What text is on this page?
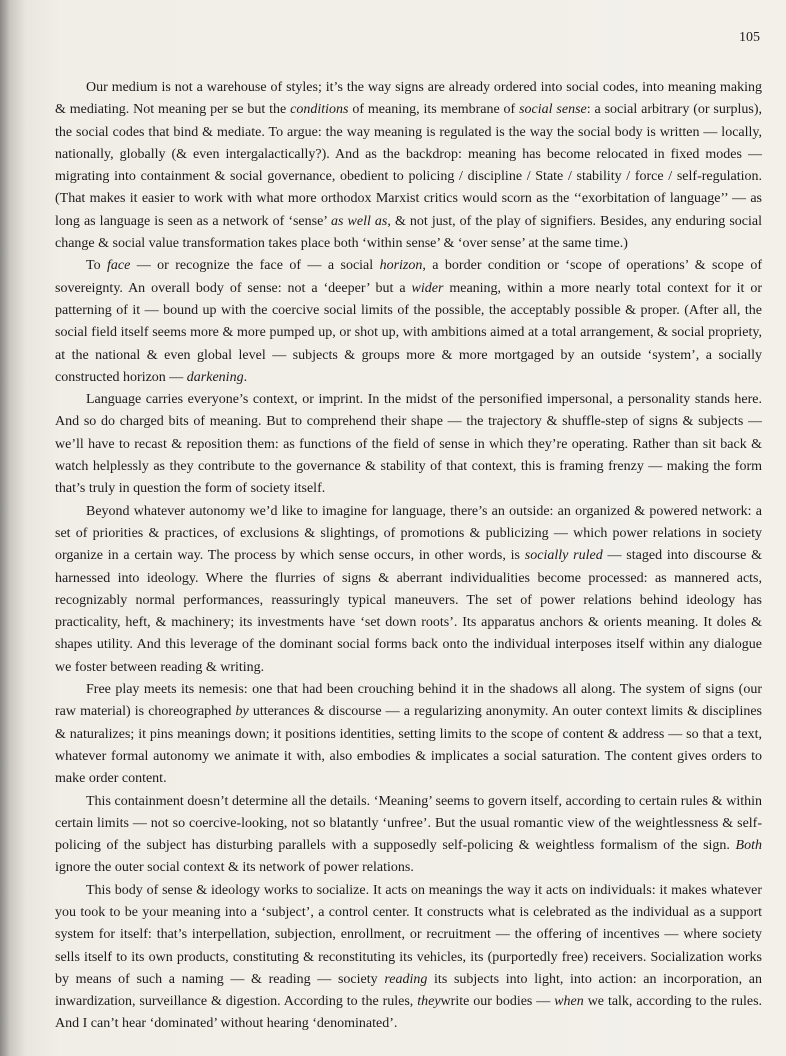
105

Our medium is not a warehouse of styles; it’s the way signs are already ordered into social codes, into meaning making & mediating. Not meaning per se but the conditions of meaning, its membrane of social sense: a social arbitrary (or surplus), the social codes that bind & mediate. To argue: the way meaning is regulated is the way the social body is written — locally, nationally, globally (& even intergalactically?). And as the backdrop: meaning has become relocated in fixed modes — migrating into containment & social governance, obedient to policing / discipline / State / stability / force / self-regulation. (That makes it easier to work with what more orthodox Marxist critics would scorn as the ‘‘exorbitation of language’’ — as long as language is seen as a network of ‘sense’ as well as, & not just, of the play of signifiers. Besides, any enduring social change & social value transformation takes place both ‘within sense’ & ‘over sense’ at the same time.)

To face — or recognize the face of — a social horizon, a border condition or ‘scope of operations’ & scope of sovereignty. An overall body of sense: not a ‘deeper’ but a wider meaning, within a more nearly total context for it or patterning of it — bound up with the coercive social limits of the possible, the acceptably possible & proper. (After all, the social field itself seems more & more pumped up, or shot up, with ambitions aimed at a total arrangement, & social propriety, at the national & even global level — subjects & groups more & more mortgaged by an outside ‘system’, a socially constructed horizon — darkening.

Language carries everyone’s context, or imprint. In the midst of the personified impersonal, a personality stands here. And so do charged bits of meaning. But to comprehend their shape — the trajectory & shuffle-step of signs & subjects — we’ll have to recast & reposition them: as functions of the field of sense in which they’re operating. Rather than sit back & watch helplessly as they contribute to the governance & stability of that context, this is framing frenzy — making the form that’s truly in question the form of society itself.

Beyond whatever autonomy we’d like to imagine for language, there’s an outside: an organized & powered network: a set of priorities & practices, of exclusions & slightings, of promotions & publicizing — which power relations in society organize in a certain way. The process by which sense occurs, in other words, is socially ruled — staged into discourse & harnessed into ideology. Where the flurries of signs & aberrant individualities become processed: as mannered acts, recognizably normal performances, reassuringly typical maneuvers. The set of power relations behind ideology has practicality, heft, & machinery; its investments have ‘set down roots’. Its apparatus anchors & orients meaning. It doles & shapes utility. And this leverage of the dominant social forms back onto the individual interposes itself within any dialogue we foster between reading & writing.

Free play meets its nemesis: one that had been crouching behind it in the shadows all along. The system of signs (our raw material) is choreographed by utterances & discourse — a regularizing anonymity. An outer context limits & disciplines & naturalizes; it pins meanings down; it positions identities, setting limits to the scope of content & address — so that a text, whatever formal autonomy we animate it with, also embodies & implicates a social saturation. The content gives orders to make order content.

This containment doesn’t determine all the details. ‘Meaning’ seems to govern itself, according to certain rules & within certain limits — not so coercive-looking, not so blatantly ‘unfree’. But the usual romantic view of the weightlessness & self-policing of the subject has disturbing parallels with a supposedly self-policing & weightless formalism of the sign. Both ignore the outer social context & its network of power relations.

This body of sense & ideology works to socialize. It acts on meanings the way it acts on individuals: it makes whatever you took to be your meaning into a ‘subject’, a control center. It constructs what is celebrated as the individual as a support system for itself: that’s interpellation, subjection, enrollment, or recruitment — the offering of incentives — where society sells itself to its own products, constituting & reconstituting its vehicles, its (purportedly free) receivers. Socialization works by means of such a naming — & reading — society reading its subjects into light, into action: an incorporation, an inwardization, surveillance & digestion. According to the rules, theywrite our bodies — when we talk, according to the rules. And I can’t hear ‘dominated’ without hearing ‘denominated’.
